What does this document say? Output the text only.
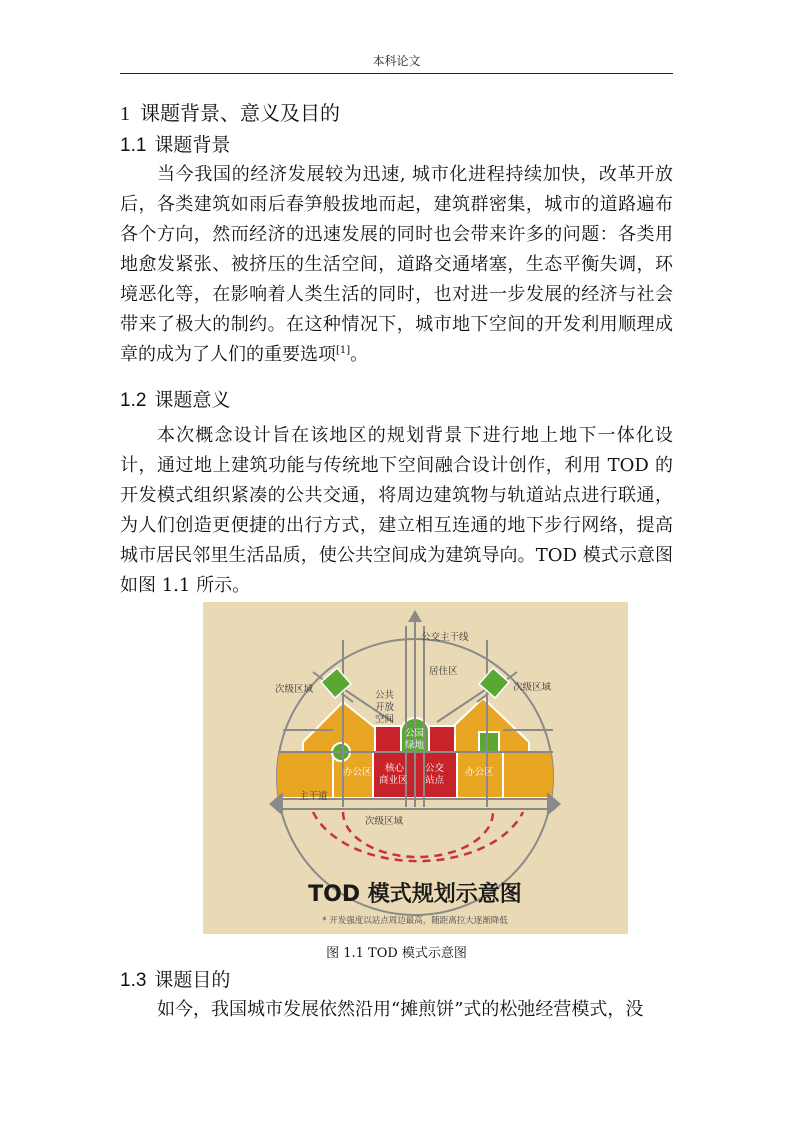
本科论文
1 课题背景、意义及目的
1.1 课题背景

当今我国的经济发展较为迅速, 城市化进程持续加快，改革开放后，各类建筑如雨后春笋般拔地而起，建筑群密集，城市的道路遍布各个方向，然而经济的迅速发展的同时也会带来许多的问题：各类用地愈发紧张、被挤压的生活空间，道路交通堵塞，生态平衡失调，环境恶化等，在影响着人类生活的同时，也对进一步发展的经济与社会带来了极大的制约。在这种情况下，城市地下空间的开发利用顺理成章的成为了人们的重要选项[1]。

1.2 课题意义

本次概念设计旨在该地区的规划背景下进行地上地下一体化设计，通过地上建筑功能与传统地下空间融合设计创作，利用 TOD 的开发模式组织紧凑的公共交通，将周边建筑物与轨道站点进行联通，为人们创造更便捷的出行方式，建立相互连通的地下步行网络，提高城市居民邻里生活品质，使公共空间成为建筑导向。TOD 模式示意图如图 1.1 所示。

公交主干线
居住区
次级区域	次级区域
次级区域
公共
开放
空间
主干道
公园
绿地
办公区	办公区
核心
商业区
公交
站点
TOD 模式规划示意图
* 开发强度以站点周边最高，随距离拉大逐渐降低
图 1.1 TOD 模式示意图
1.3 课题目的

如今，我国城市发展依然沿用“摊煎饼”式的松弛经营模式，没
